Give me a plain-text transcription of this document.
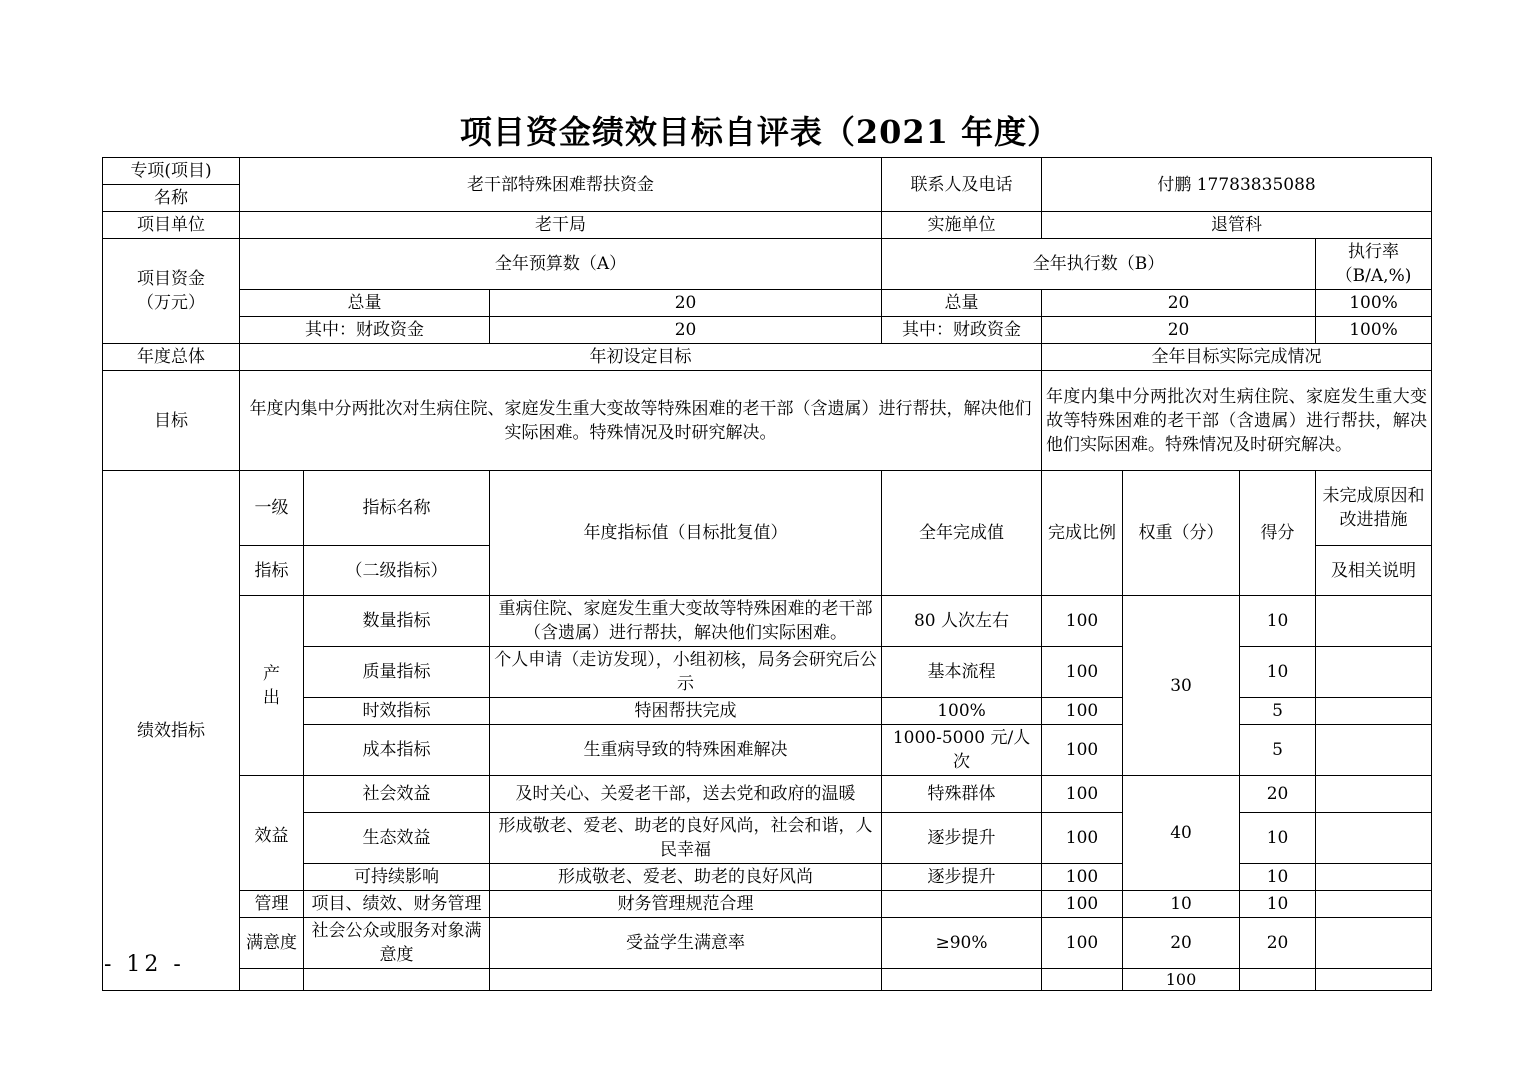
项目资金绩效目标自评表（2021 年度）
专项(项目)	老干部特殊困难帮扶资金			联系人及电话	付鹏 17783835088			
名称								
项目单位	老干局			实施单位	退管科			

项目资金
（万元）	全年预算数（A）			全年执行数（B）				执行率（B/A,%)
	总量		20	总量	20			100%
	其中：财政资金		20	其中：财政资金	20			100%
年度总体	年初设定目标				全年目标实际完成情况			
目标	年度内集中分两批次对生病住院、家庭发生重大变故等特殊困难的老干部（含遗属）进行帮扶，解决他们实际困难。特殊情况及时研究解决。				年度内集中分两批次对生病住院、家庭发生重大变故等特殊困难的老干部（含遗属）进行帮扶，解决他们实际困难。特殊情况及时研究解决。			
绩效指标	一级	指标名称	年度指标值（目标批复值）	全年完成值	完成比例	权重（分）	得分	未完成原因和改进措施
	指标	（二级指标）						及相关说明

	产出	数量指标	重病住院、家庭发生重大变故等特殊困难的老干部（含遗属）进行帮扶，解决他们实际困难。	80 人次左右	100	30	10	
		质量指标	个人申请（走访发现），小组初核，局务会研究后公示	基本流程	100		10	
		时效指标	特困帮扶完成	100%	100		5	
		成本指标	生重病导致的特殊困难解决	1000-5000 元/人次	100		5	
	效益	社会效益	及时关心、关爱老干部，送去党和政府的温暖	特殊群体	100	40	20	
		生态效益	形成敬老、爱老、助老的良好风尚，社会和谐，人民幸福	逐步提升	100		10	
		可持续影响	形成敬老、爱老、助老的良好风尚	逐步提升	100		10	
	管理	项目、绩效、财务管理	财务管理规范合理		100	10	10	
	满意度	社会公众或服务对象满意度	受益学生满意率	≥90%	100	20	20	
						100		
- 12 -
